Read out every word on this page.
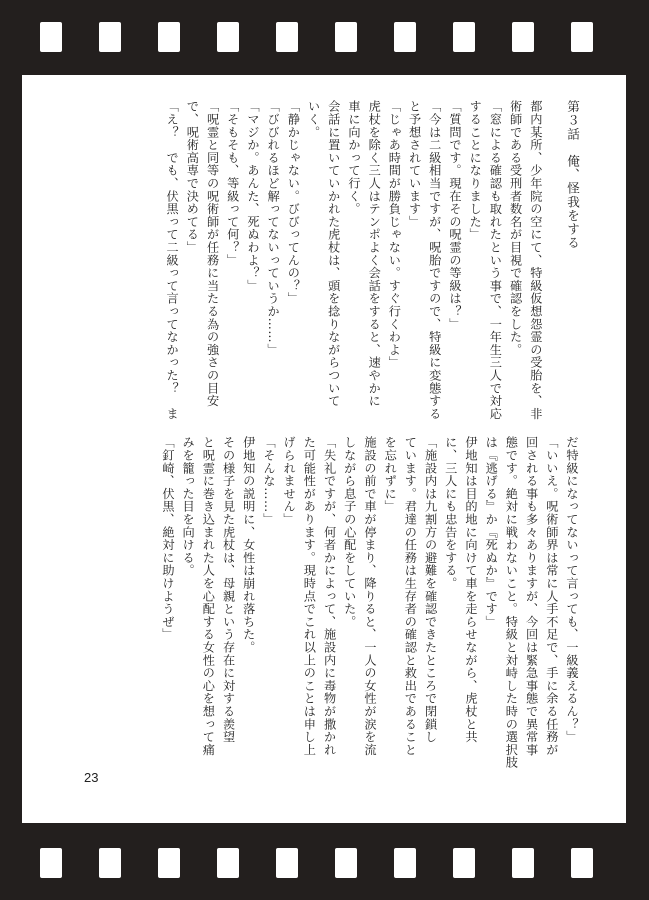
第３話　俺、怪我をする
都内某所、少年院の空にて、特級仮想怨霊の受胎を、非
術師である受刑者数名が目視で確認をした。
「窓による確認も取れたという事で、一年生三人で対応
することになりました」
「質問です。現在その呪霊の等級は？」
「今は二級相当ですが、呪胎ですので、特級に変態する
と予想されています」
「じゃあ時間が勝負じゃない。すぐ行くわよ」
虎杖を除く三人はテンポよく会話をすると、速やかに
車に向かって行く。
会話に置いていかれた虎杖は、頭を捻りながらついて
いく。
「静かじゃない。びびってんの？」
「びびれるほど解ってないっていうか……」
「マジか。あんた、死ぬわよ？」
「そもそも、等級って何？」
「呪霊と同等の呪術師が任務に当たる為の強さの目安
で、呪術高専で決めてる」
「え？　でも、伏黒って二級って言ってなかった？　ま
だ特級になってないって言っても、一級義えるん？」
「いいえ。呪術師界は常に人手不足で、手に余る任務が
回される事も多々ありますが、今回は緊急事態で異常事
態です。絶対に戦わないこと。特級と対峙した時の選択肢
は『逃げる』か『死ぬか』です」
伊地知は目的地に向けて車を走らせながら、虎杖と共
に、三人にも忠告をする。
「施設内は九割方の避難を確認できたところで閉鎖し
ています。君達の任務は生存者の確認と救出であること
を忘れずに」
施設の前で車が停まり、降りると、一人の女性が涙を流
しながら息子の心配をしていた。
「失礼ですが、何者かによって、施設内に毒物が撒かれ
た可能性があります。現時点でこれ以上のことは申し上
げられません」
「そんな……」
伊地知の説明に、女性は崩れ落ちた。
その様子を見た虎杖は、母親という存在に対する羨望
と呪霊に巻き込まれた人を心配する女性の心を想って痛
みを籠った目を向ける。
「釘崎、伏黒、絶対に助けようぜ」
23
